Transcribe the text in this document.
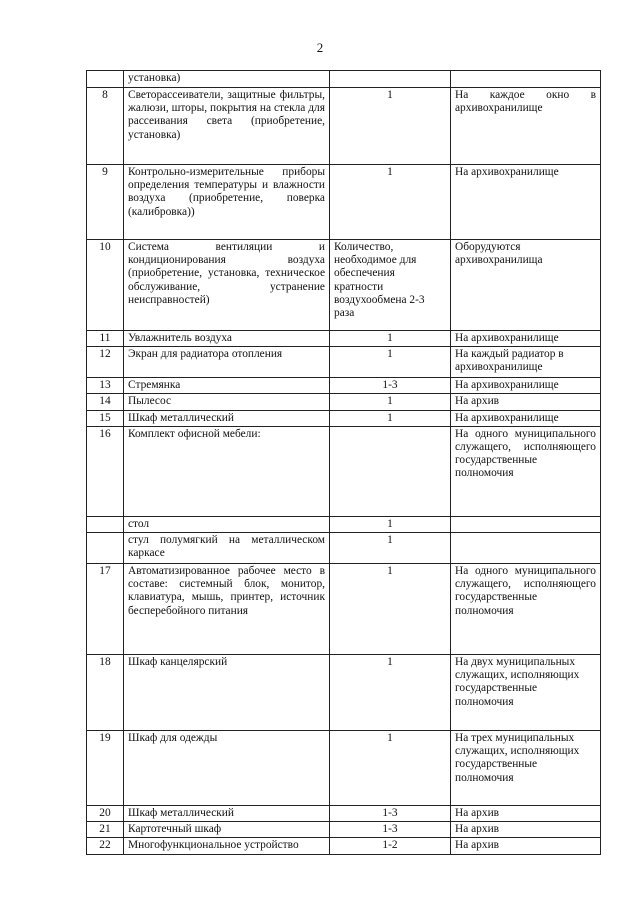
2
	установка)		
8	Светорассеиватели, защитные фильтры, жалюзи, шторы, покрытия на стекла для рассеивания света (приобретение, установка)	1	На каждое окно в архивохранилище
9	Контрольно-измерительные приборы определения температуры и влажности воздуха (приобретение, поверка (калибровка))	1	На архивохранилище
10	Система вентиляции и кондиционирования воздуха (приобретение, установка, техническое обслуживание, устранение неисправностей)	Количество, необходимое для обеспечения кратности воздухообмена 2-3 раза	Оборудуются архивохранилища
11	Увлажнитель воздуха	1	На архивохранилище
12	Экран для радиатора отопления	1	На каждый радиатор в архивохранилище
13	Стремянка	1-3	На архивохранилище
14	Пылесос	1	На архив
15	Шкаф металлический	1	На архивохранилище
16	Комплект офисной мебели:		На одного муниципального служащего, исполняющего государственные полномочия
	стол	1	
	стул полумягкий на металлическом каркасе	1	
17	Автоматизированное рабочее место в составе: системный блок, монитор, клавиатура, мышь, принтер, источник бесперебойного питания	1	На одного муниципального служащего, исполняющего государственные полномочия
18	Шкаф канцелярский	1	На двух муниципальных служащих, исполняющих государственные полномочия
19	Шкаф для одежды	1	На трех муниципальных служащих, исполняющих государственные полномочия
20	Шкаф металлический	1-3	На архив
21	Картотечный шкаф	1-3	На архив
22	Многофункциональное устройство	1-2	На архив
